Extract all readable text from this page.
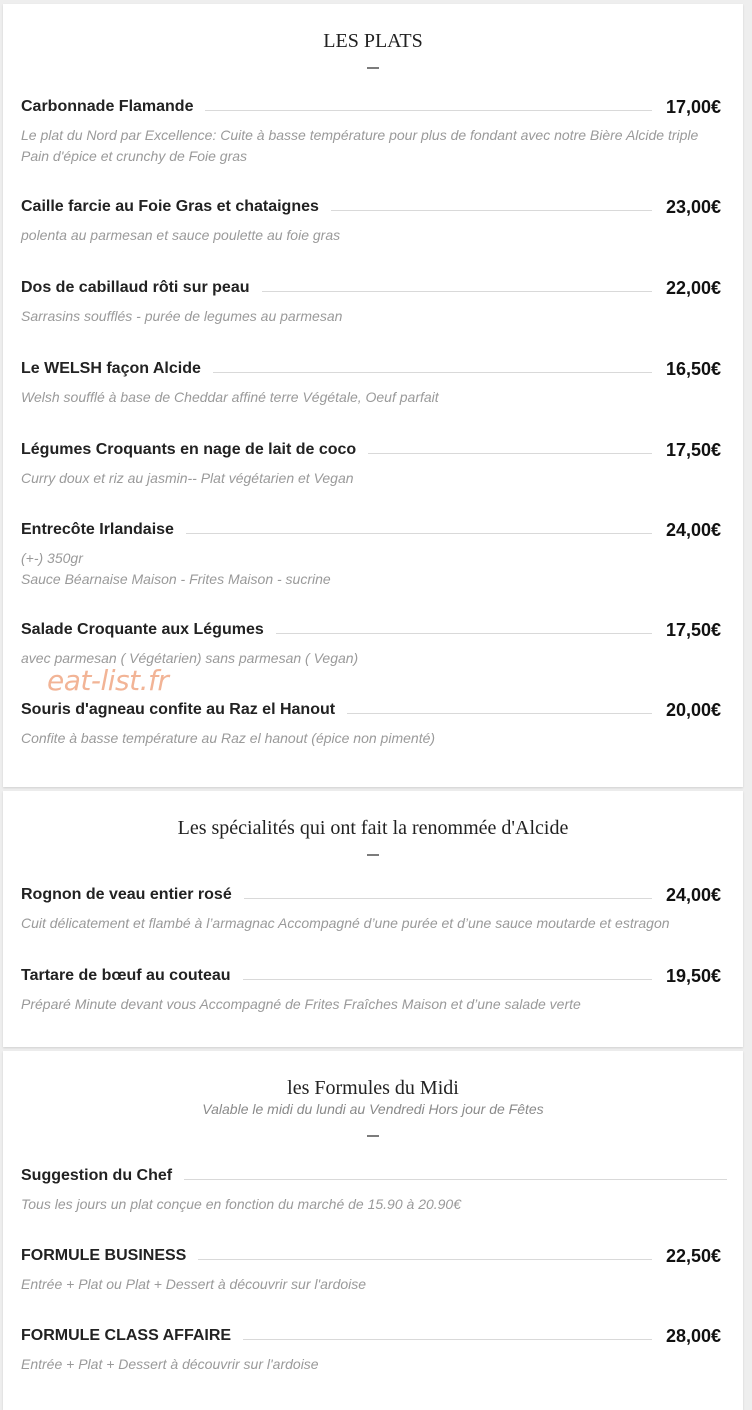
LES PLATS
Carbonnade Flamande	17,00€
Le plat du Nord par Excellence: Cuite à basse température pour plus de fondant avec notre Bière Alcide triple Pain d'épice et crunchy de Foie gras
Caille farcie au Foie Gras et chataignes	23,00€
polenta au parmesan et sauce poulette au foie gras
Dos de cabillaud rôti sur peau	22,00€
Sarrasins soufflés - purée de legumes au parmesan
Le WELSH façon Alcide	16,50€
Welsh soufflé à base de Cheddar affiné terre Végétale, Oeuf parfait
Légumes Croquants en nage de lait de coco	17,50€
Curry doux et riz au jasmin-- Plat végétarien et Vegan
Entrecôte Irlandaise	24,00€
(+-) 350gr
Sauce Béarnaise Maison - Frites Maison - sucrine
Salade Croquante aux Légumes	17,50€
avec parmesan ( Végétarien) sans parmesan ( Vegan)
Souris d'agneau confite au Raz el Hanout	20,00€
Confite à basse température au Raz el hanout (épice non pimenté)
eat-list.fr
Les spécialités qui ont fait la renommée d'Alcide
Rognon de veau entier rosé	24,00€
Cuit délicatement et flambé à l’armagnac Accompagné d’une purée et d’une sauce moutarde et estragon
Tartare de bœuf au couteau	19,50€
Préparé Minute devant vous Accompagné de Frites Fraîches Maison et d’une salade verte
les Formules du Midi
Valable le midi du lundi au Vendredi Hors jour de Fêtes
Suggestion du Chef
Tous les jours un plat conçue en fonction du marché de 15.90 à 20.90€
FORMULE BUSINESS	22,50€
Entrée + Plat ou Plat + Dessert à découvrir sur l'ardoise
FORMULE CLASS AFFAIRE	28,00€
Entrée + Plat + Dessert à découvrir sur l'ardoise
